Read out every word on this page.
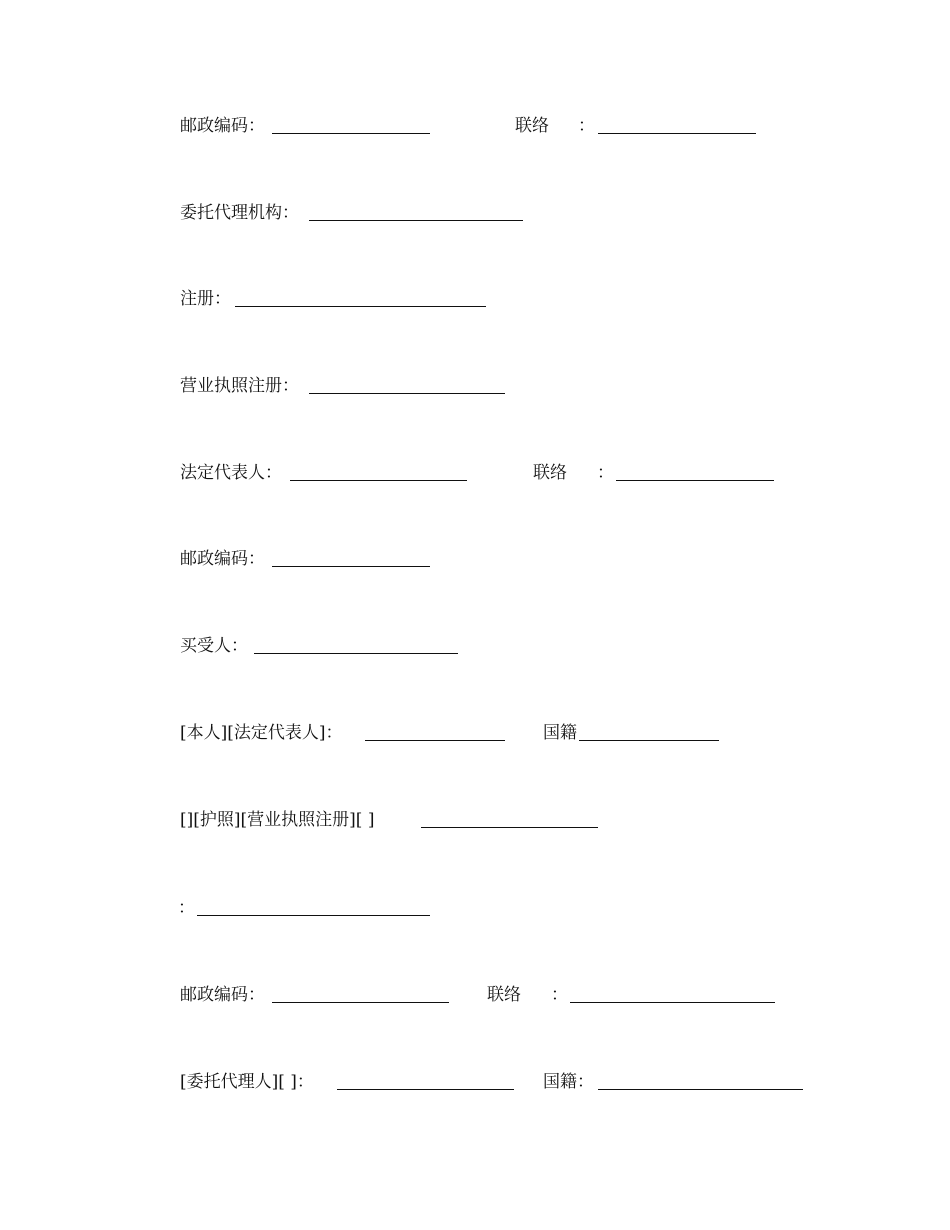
邮政编码：	联络 ：
委托代理机构：
注册：
营业执照注册：
法定代表人：	联络 ：
邮政编码：
买受人：
[本人][法定代表人]：	国籍
[][护照][营业执照注册][ ]
：
邮政编码：	联络 ：
[委托代理人][ ]：	国籍：
